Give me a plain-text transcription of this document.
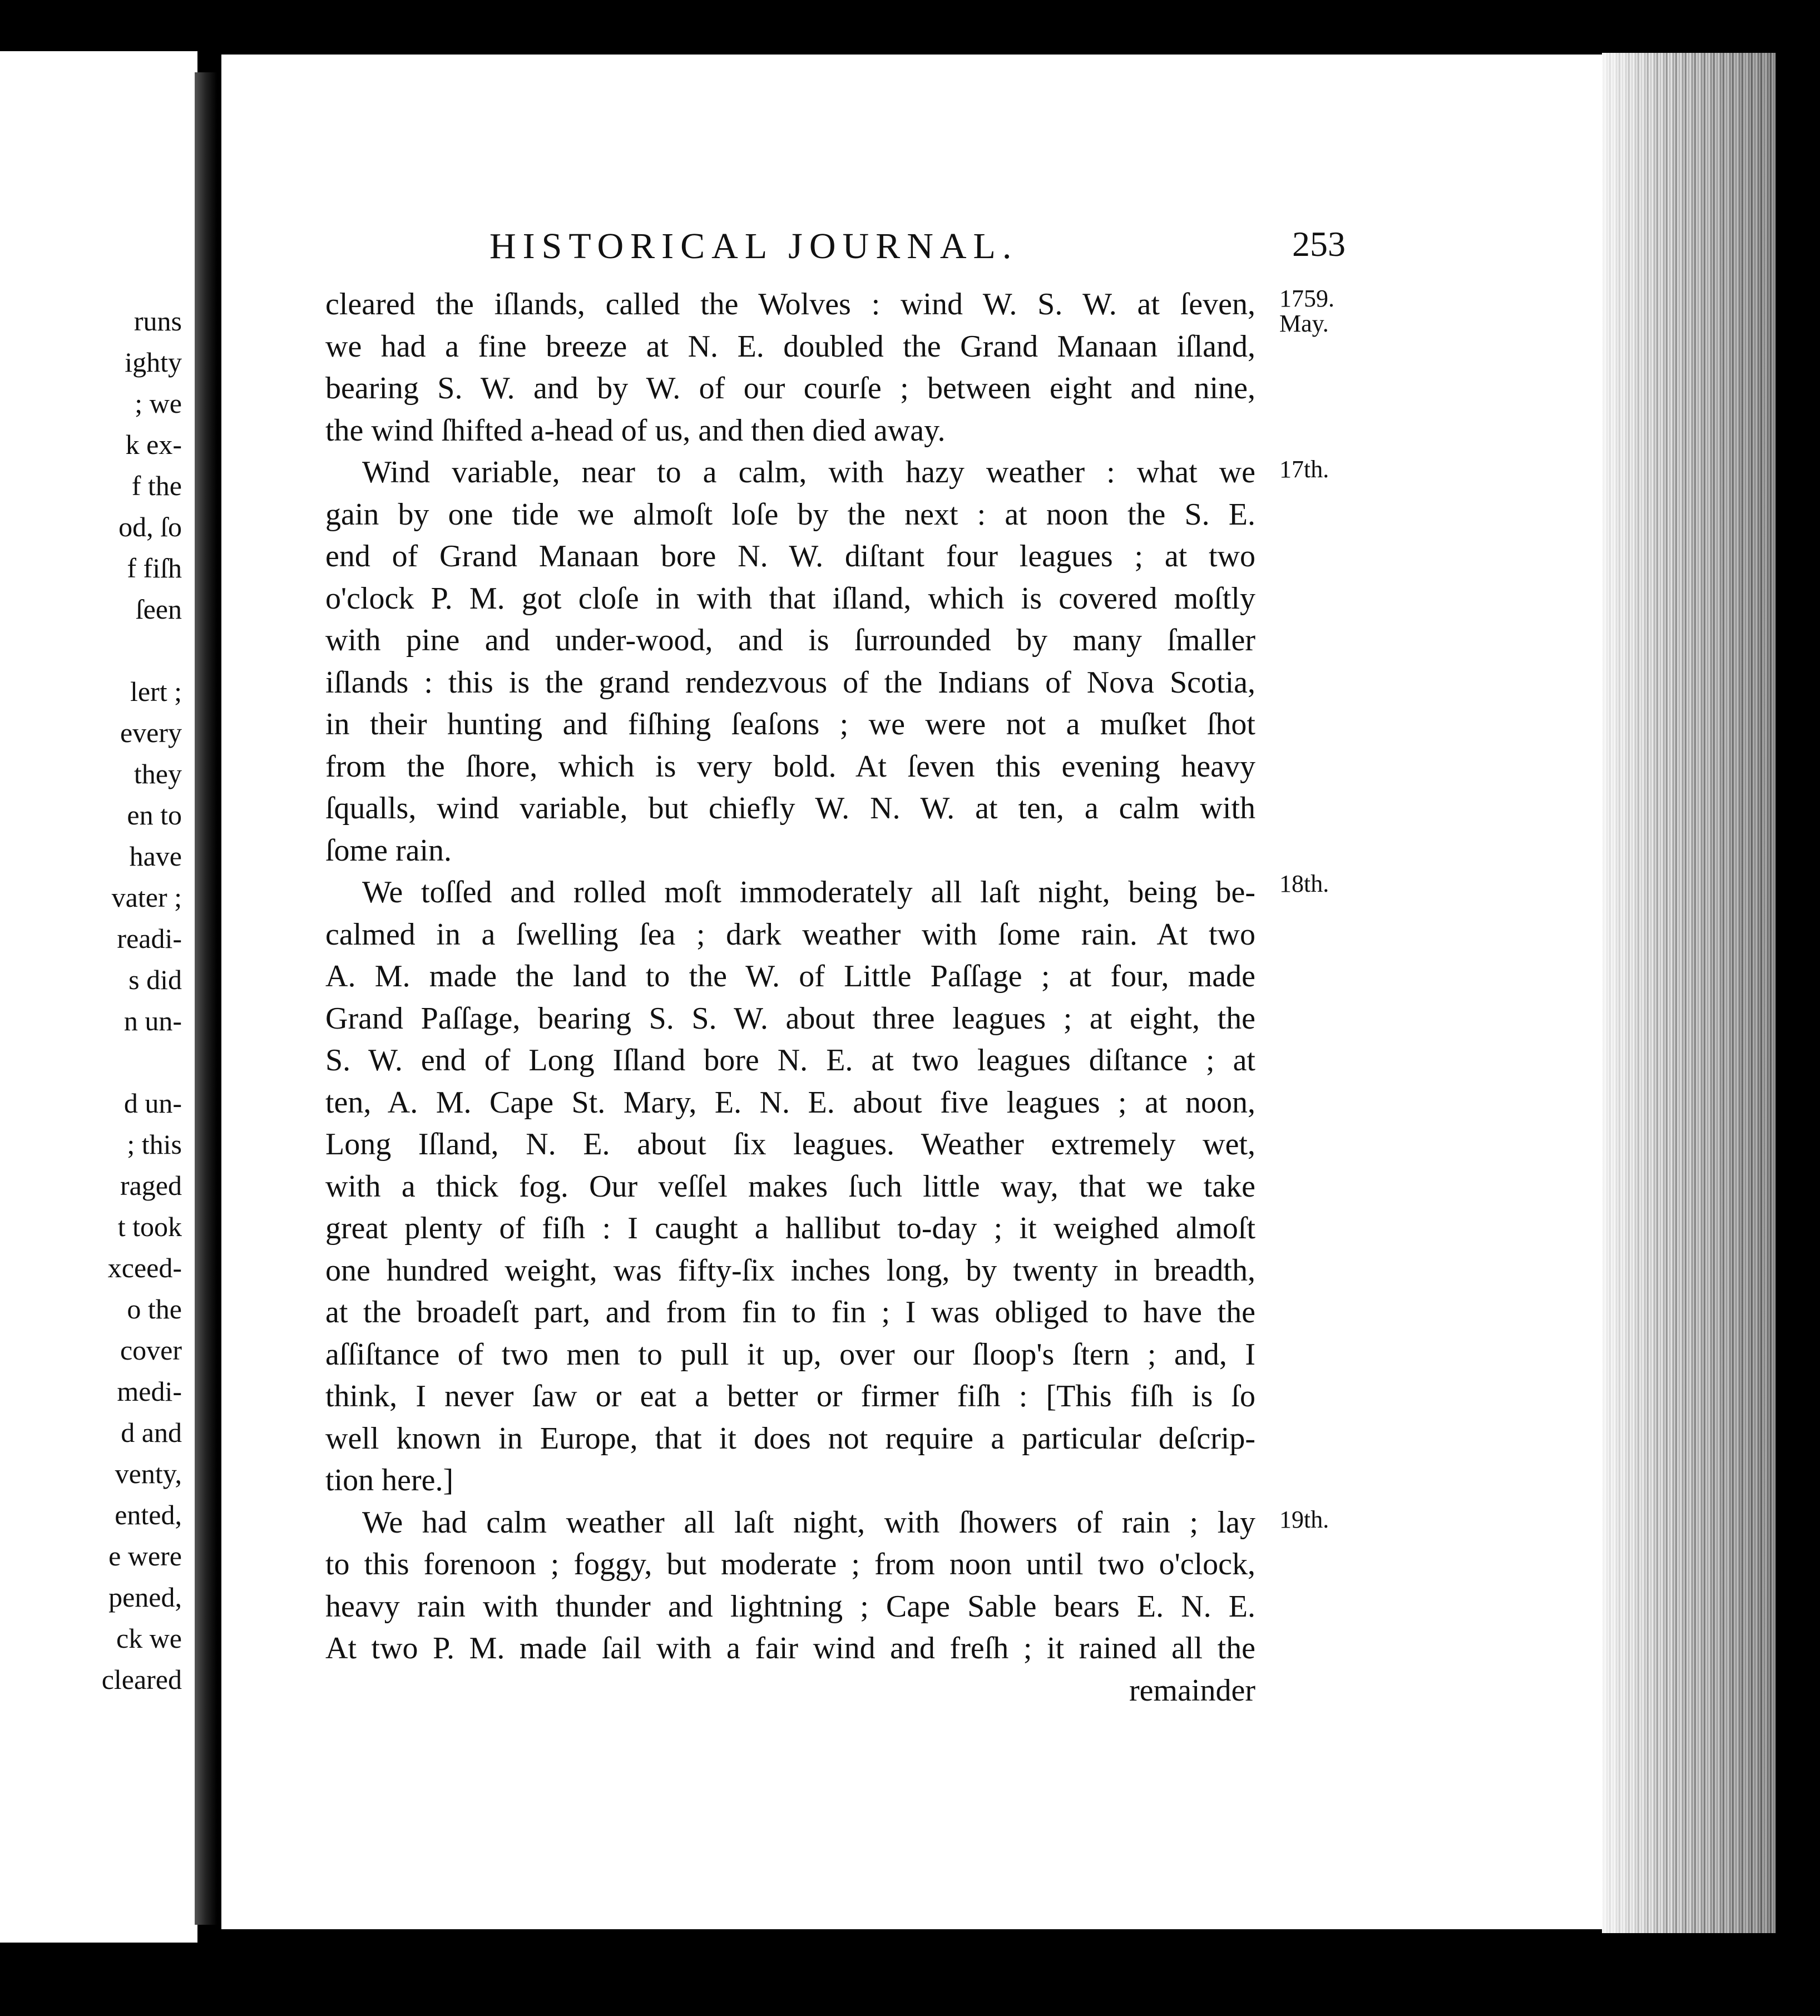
runs
ighty
; we
k ex-
f the
od, ſo
f fiſh
ſeen
lert ;
every
they
en to
have
vater ;
readi-
s did
n un-
d un-
; this
raged
t took
xceed-
o the
cover
medi-
d and
venty,
ented,
e were
pened,
ck we
cleared
HISTORICAL JOURNAL.	253
1759.
May.
17th.
18th.
19th.
cleared the iſlands, called the Wolves : wind W. S. W. at ſeven,
we had a fine breeze at N. E. doubled the Grand Manaan iſland,
bearing S. W. and by W. of our courſe ; between eight and nine,
the wind ſhifted a-head of us, and then died away.
Wind variable, near to a calm, with hazy weather : what we
gain by one tide we almoſt loſe by the next : at noon the S. E.
end of Grand Manaan bore N. W. diſtant four leagues ; at two
o'clock P. M. got cloſe in with that iſland, which is covered moſtly
with pine and under-wood, and is ſurrounded by many ſmaller
iſlands : this is the grand rendezvous of the Indians of Nova Scotia,
in their hunting and fiſhing ſeaſons ; we were not a muſket ſhot
from the ſhore, which is very bold. At ſeven this evening heavy
ſqualls, wind variable, but chiefly W. N. W. at ten, a calm with
ſome rain.
We toſſed and rolled moſt immoderately all laſt night, being be-
calmed in a ſwelling ſea ; dark weather with ſome rain. At two
A. M. made the land to the W. of Little Paſſage ; at four, made
Grand Paſſage, bearing S. S. W. about three leagues ; at eight, the
S. W. end of Long Iſland bore N. E. at two leagues diſtance ; at
ten, A. M. Cape St. Mary, E. N. E. about five leagues ; at noon,
Long Iſland, N. E. about ſix leagues. Weather extremely wet,
with a thick fog. Our veſſel makes ſuch little way, that we take
great plenty of fiſh : I caught a hallibut to-day ; it weighed almoſt
one hundred weight, was fifty-ſix inches long, by twenty in breadth,
at the broadeſt part, and from fin to fin ; I was obliged to have the
aſſiſtance of two men to pull it up, over our ſloop's ſtern ; and, I
think, I never ſaw or eat a better or firmer fiſh : [This fiſh is ſo
well known in Europe, that it does not require a particular deſcrip-
tion here.]
We had calm weather all laſt night, with ſhowers of rain ; lay
to this forenoon ; foggy, but moderate ; from noon until two o'clock,
heavy rain with thunder and lightning ; Cape Sable bears E. N. E.
At two P. M. made ſail with a fair wind and freſh ; it rained all the
remainder
